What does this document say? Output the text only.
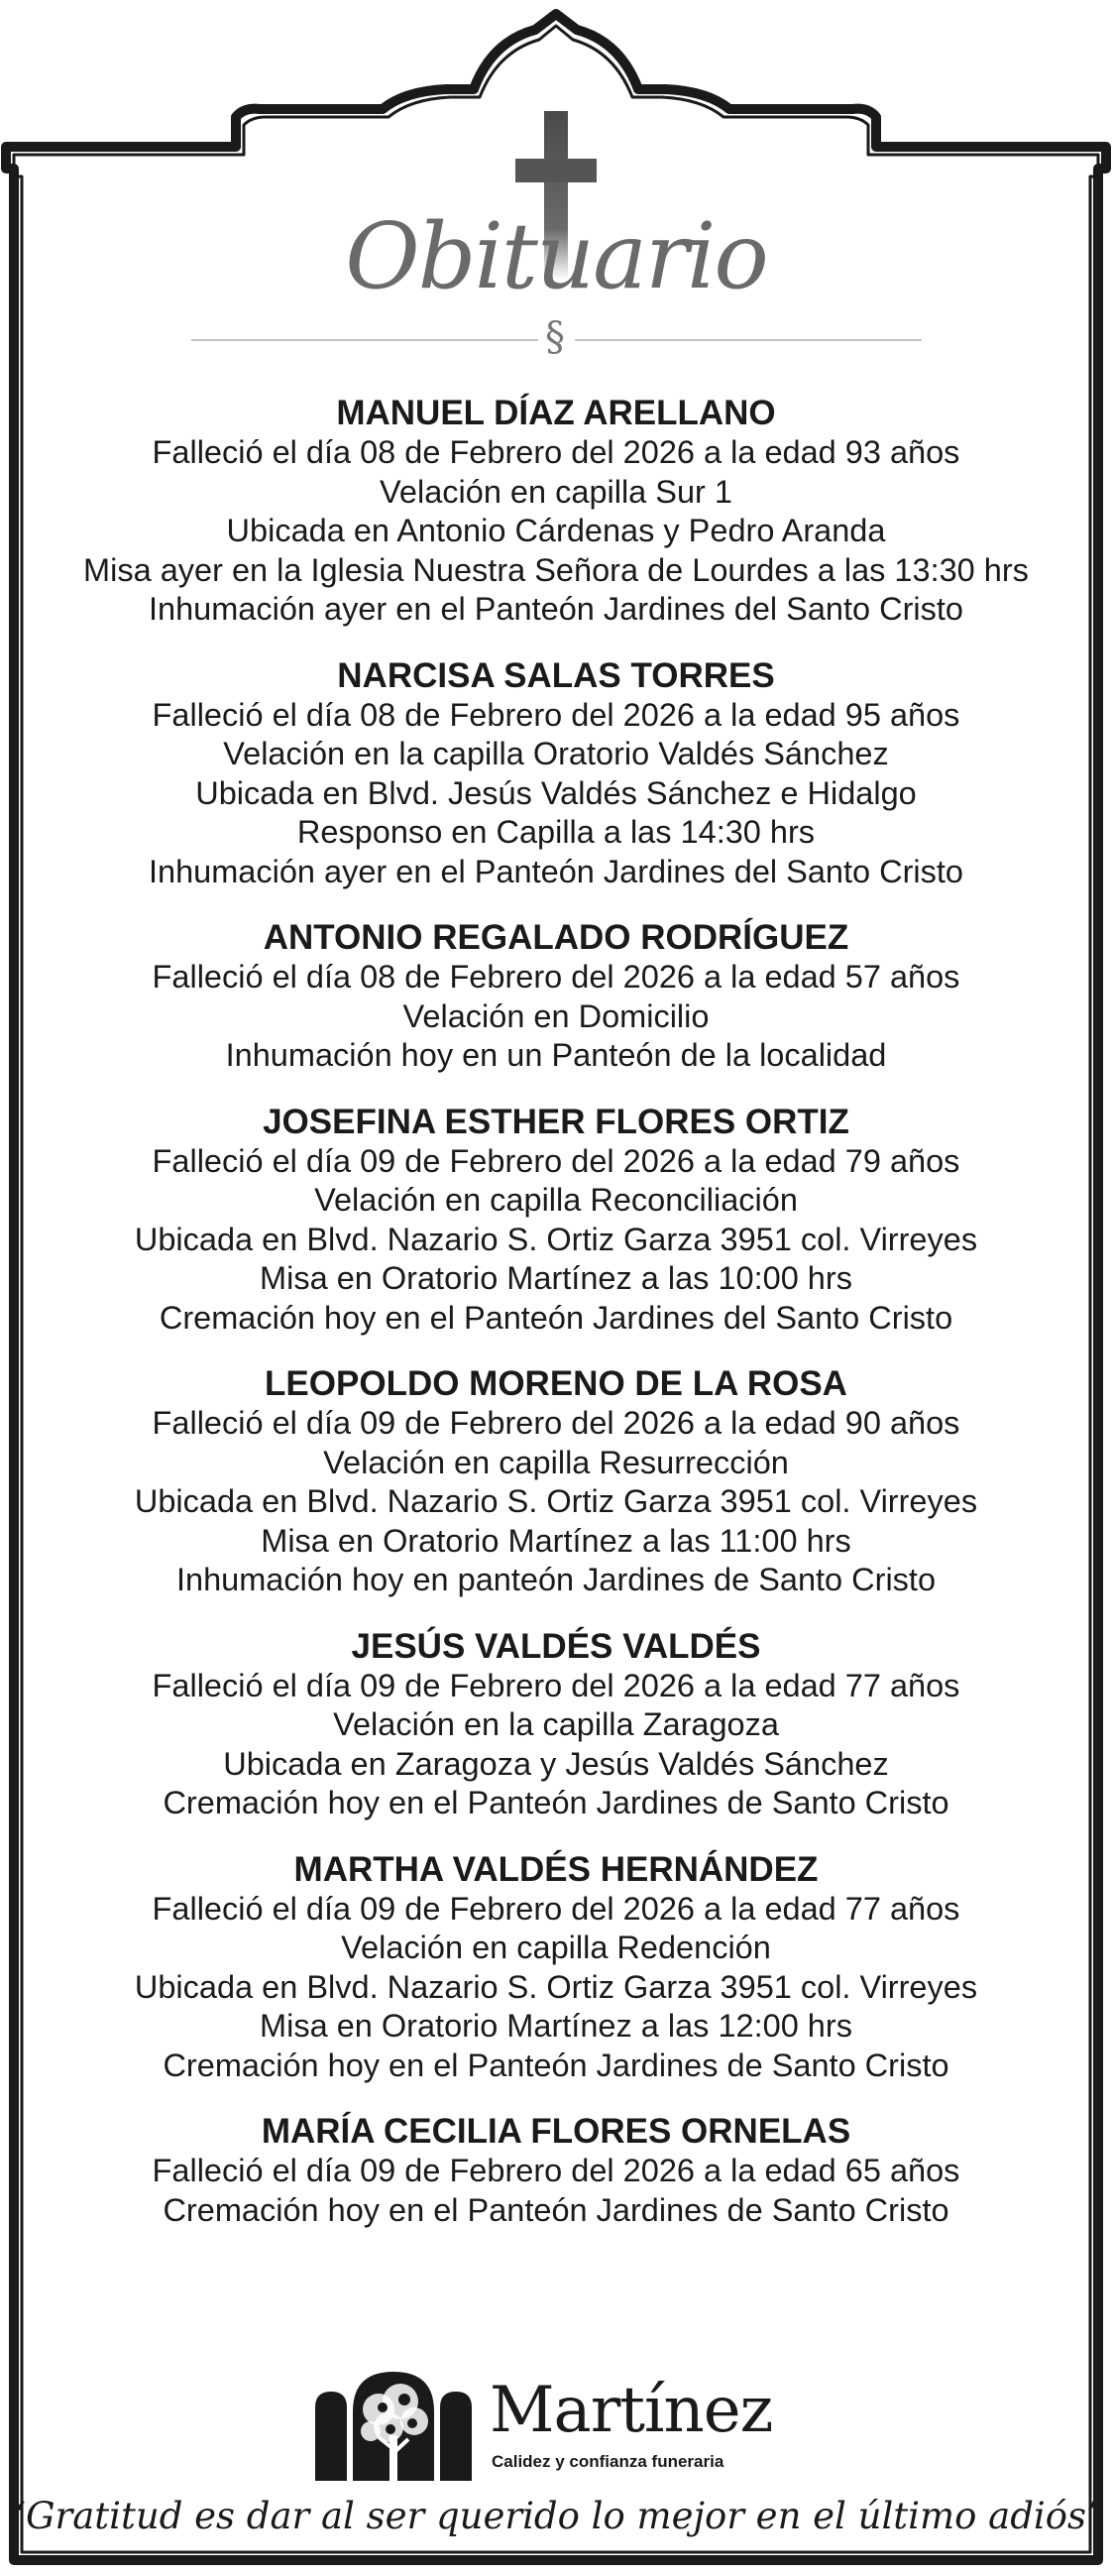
Obituario
§
MANUEL DÍAZ ARELLANO
Falleció el día 08 de Febrero del 2026 a la edad 93 años
Velación en capilla Sur 1
Ubicada en Antonio Cárdenas y Pedro Aranda
Misa ayer en la Iglesia Nuestra Señora de Lourdes a las 13:30 hrs
Inhumación ayer en el Panteón Jardines del Santo Cristo
NARCISA SALAS TORRES
Falleció el día 08 de Febrero del 2026 a la edad 95 años
Velación en la capilla Oratorio Valdés Sánchez
Ubicada en Blvd. Jesús Valdés Sánchez e Hidalgo
Responso en Capilla a las 14:30 hrs
Inhumación ayer en el Panteón Jardines del Santo Cristo
ANTONIO REGALADO RODRÍGUEZ
Falleció el día 08 de Febrero del 2026 a la edad 57 años
Velación en Domicilio
Inhumación hoy en un Panteón de la localidad
JOSEFINA ESTHER FLORES ORTIZ
Falleció el día 09 de Febrero del 2026 a la edad 79 años
Velación en capilla Reconciliación
Ubicada en Blvd. Nazario S. Ortiz Garza 3951 col. Virreyes
Misa en Oratorio Martínez a las 10:00 hrs
Cremación hoy en el Panteón Jardines del Santo Cristo
LEOPOLDO MORENO DE LA ROSA
Falleció el día 09 de Febrero del 2026 a la edad 90 años
Velación en capilla Resurrección
Ubicada en Blvd. Nazario S. Ortiz Garza 3951 col. Virreyes
Misa en Oratorio Martínez a las 11:00 hrs
Inhumación hoy en panteón Jardines de Santo Cristo
JESÚS VALDÉS VALDÉS
Falleció el día 09 de Febrero del 2026 a la edad 77 años
Velación en la capilla Zaragoza
Ubicada en Zaragoza y Jesús Valdés Sánchez
Cremación hoy en el Panteón Jardines de Santo Cristo
MARTHA VALDÉS HERNÁNDEZ
Falleció el día 09 de Febrero del 2026 a la edad 77 años
Velación en capilla Redención
Ubicada en Blvd. Nazario S. Ortiz Garza 3951 col. Virreyes
Misa en Oratorio Martínez a las 12:00 hrs
Cremación hoy en el Panteón Jardines de Santo Cristo
MARÍA CECILIA FLORES ORNELAS
Falleció el día 09 de Febrero del 2026 a la edad 65 años
Cremación hoy en el Panteón Jardines de Santo Cristo
Martínez
Calidez y confianza funeraria
“Gratitud es dar al ser querido lo mejor en el último adiós”
